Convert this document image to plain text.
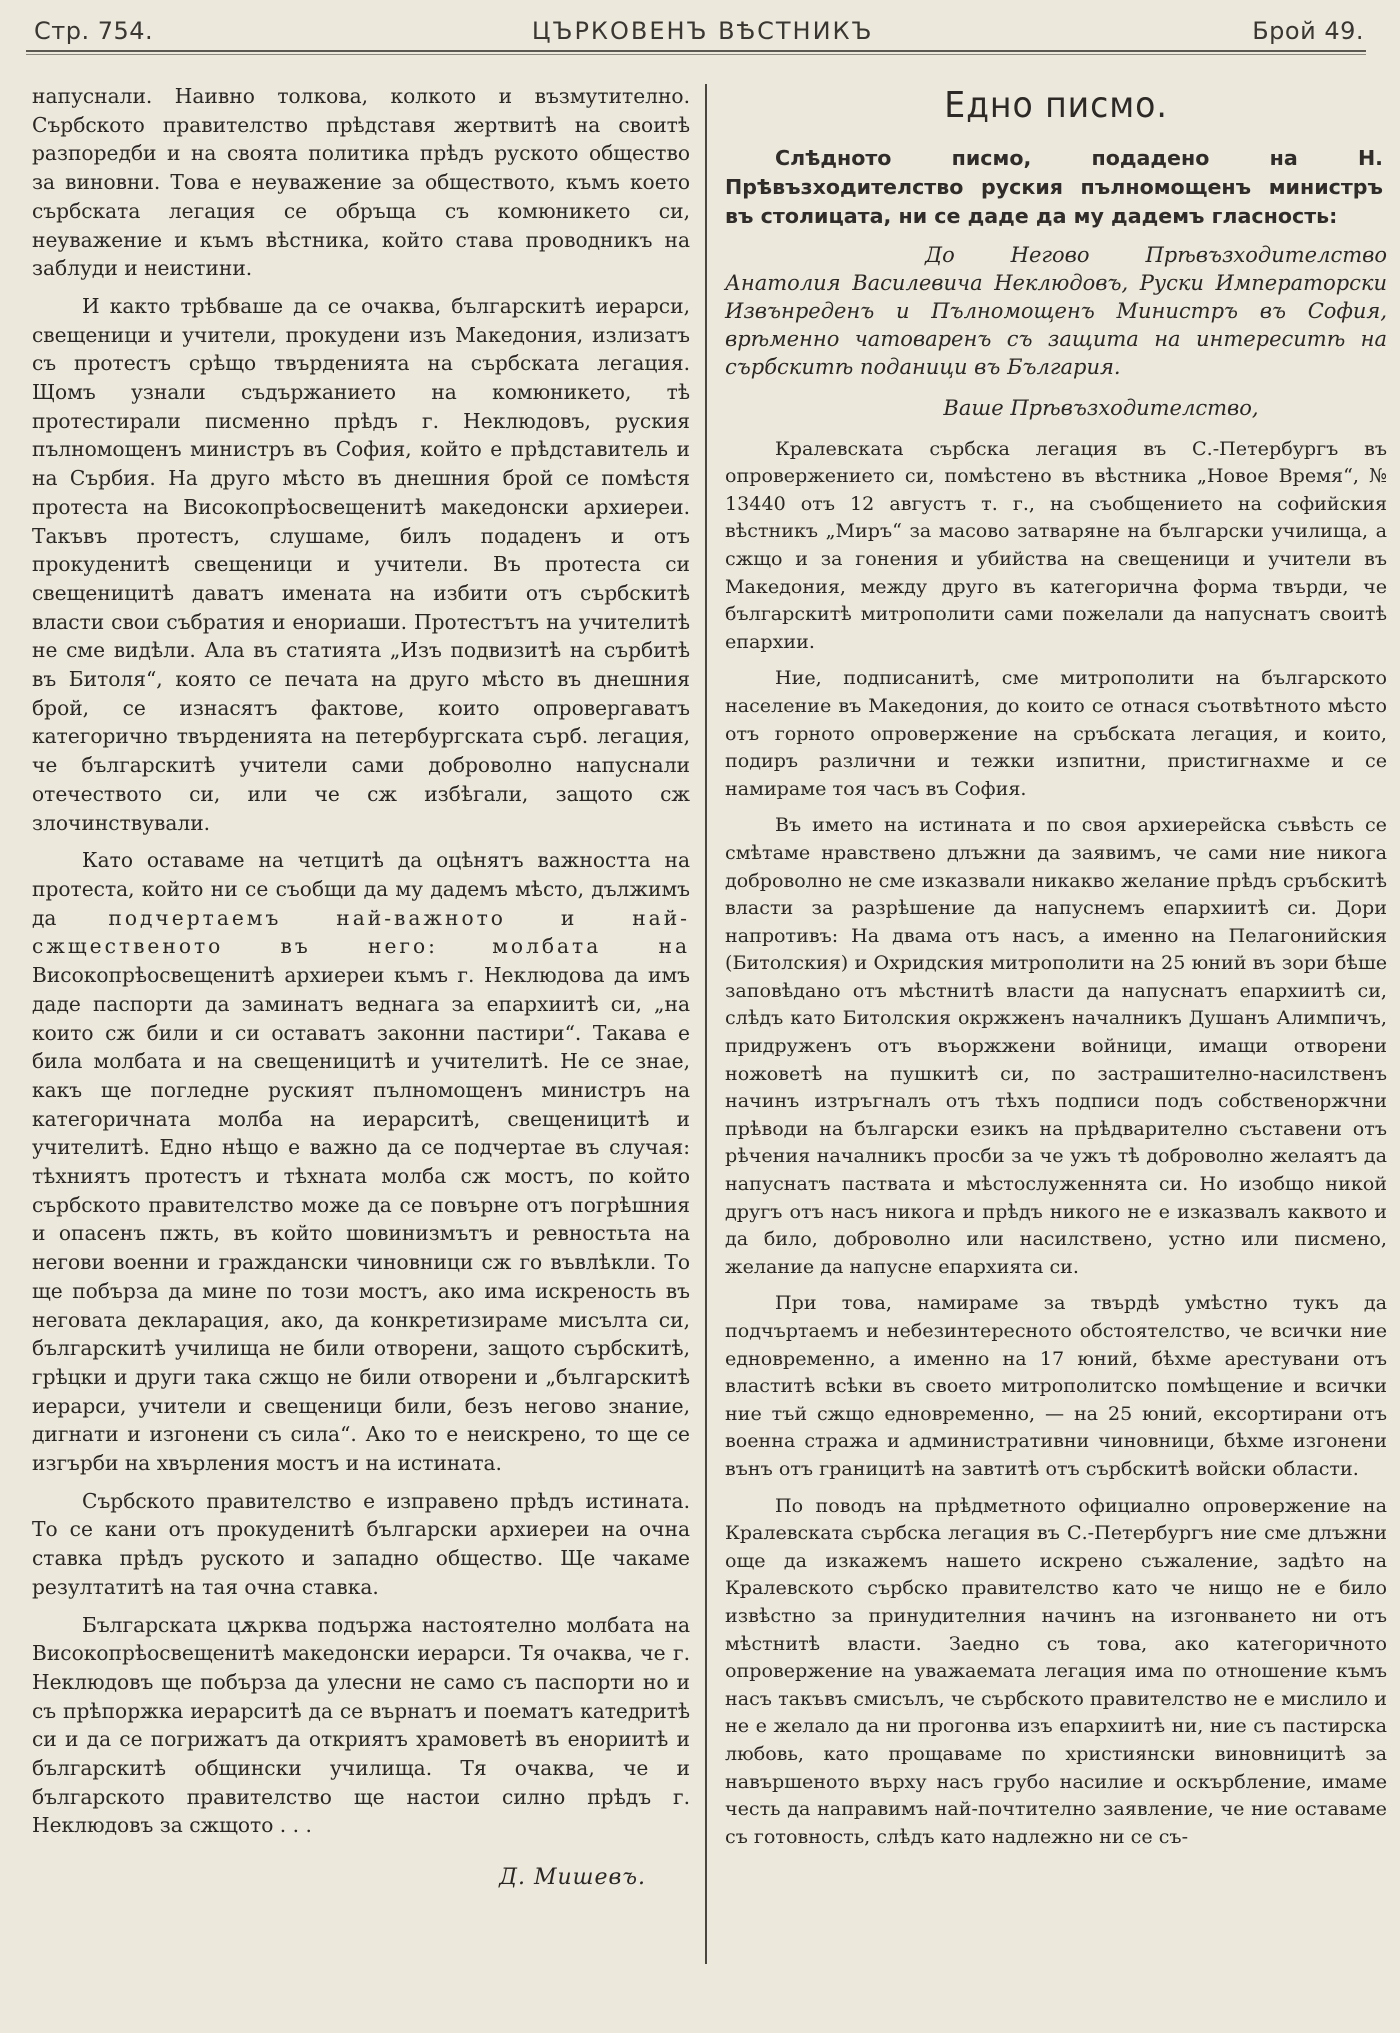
Стр. 754.	ЦЪРКОВЕНЪ ВѢСТНИКЪ	Брой 49.

напуснали. Наивно толкова, колкото и възмутително. Сърбското правителство прѣдставя жертвитѣ на своитѣ разпоредби и на своята политика прѣдъ руското общество за виновни. Това е неуважение за обществото, къмъ което сърбската легация се обръща съ комюникето си, неуважение и къмъ вѣстника, който става проводникъ на заблуди и неистини.

И както трѣбваше да се очаква, българскитѣ иерарси, свещеници и учители, прокудени изъ Македония, излизатъ съ протестъ срѣщо твърденията на сърбската легация. Щомъ узнали съдържанието на комюникето, тѣ протестирали писменно прѣдъ г. Неклюдовъ, руския пълномощенъ министръ въ София, който е прѣдставитель и на Сърбия. На друго мѣсто въ днешния брой се помѣстя протеста на Високопрѣосвещенитѣ македонски архиереи. Такъвъ протестъ, слушаме, билъ подаденъ и отъ прокуденитѣ свещеници и учители. Въ протеста си свещеницитѣ даватъ имената на избити отъ сърбскитѣ власти свои събратия и енориаши. Протестътъ на учителитѣ не сме видѣли. Ала въ статията „Изъ подвизитѣ на сърбитѣ въ Битоля“, която се печата на друго мѣсто въ днешния брой, се изнасятъ фактове, които опровергаватъ категорично твърденията на петербургската сърб. легация, че българскитѣ учители сами доброволно напуснали отечеството си, или че сж избѣгали, защото сж злочинствували.

Като оставаме на четцитѣ да оцѣнятъ важността на протеста, който ни се съобщи да му дадемъ мѣсто, дължимъ да	подчертаемъ най-важното и най-сжщественото въ него:	молбата на Високопрѣосвещенитѣ архиереи къмъ г. Неклюдова да имъ даде паспорти да заминатъ веднага за епархиитѣ си, „на които сж били и си оставатъ законни пастири“. Такава е била молбата и на свещеницитѣ и учителитѣ. Не се знае, какъ ще погледне руският пълномощенъ министръ на категоричната молба на иерарситѣ, свещеницитѣ и учителитѣ. Едно нѣщо е важно да се подчертае въ случая: тѣхниятъ протестъ и тѣхната молба сж мостъ, по който сърбското правителство може да се повърне отъ погрѣшния и опасенъ пжть, въ който шовинизмътъ и ревностьта на негови военни и граждански чиновници сж го въвлѣкли. То ще побърза да мине по този мостъ, ако има искреность въ неговата декларация, ако, да конкретизираме мисълта си, българскитѣ училища не били отворени, защото сърбскитѣ, грѣцки и други така сжщо не били отворени и „българскитѣ иерарси, учители и свещеници били, безъ негово знание, дигнати и изгонени съ сила“. Ако то е неискрено, то ще се изгърби на хвърления мостъ и на истината.

Сърбското правителство е изправено прѣдъ истината. То се кани отъ прокуденитѣ български архиереи на очна ставка прѣдъ руското и западно общество. Ще чакаме резултатитѣ на тая очна ставка.

Българската цѫрква подържа настоятелно молбата на Високопрѣосвещенитѣ македонски иерарси. Тя очаква, че г. Неклюдовъ ще побърза да улесни не само съ паспорти но и съ прѣпоржка иерарситѣ да се върнатъ и поематъ катедритѣ си и да се погрижатъ да откриятъ храмоветѣ въ енориитѣ и българскитѣ общински училища. Тя очаква, че и българското правителство ще настои силно прѣдъ г. Неклюдовъ за сжщото . . .

Д. Мишевъ.
Едно писмо.
Слѣдното писмо, подадено на Н. Прѣвъзходителство руския пълномощенъ министръ въ столицата, ни се даде да му дадемъ гласность:
До Негово Прѣвъзходителство Анатолия Василевича Неклюдовъ, Руски Императорски Извънреденъ и Пълномощенъ Министръ въ София, врѣменно чатоваренъ съ защита на интереситѣ на сърбскитѣ поданици въ България.
Ваше Прѣвъзходителство,

Кралевската сърбска легация въ С.-Петербургъ въ опровержението си, помѣстено въ вѣстника „Новое Время“, № 13440 отъ 12 августъ т. г., на съобщението на софийския вѣстникъ „Миръ“ за масово затваряне на български училища, а сжщо и за гонения и убийства на свещеници и учители въ Македония, между друго въ категорична форма твърди, че българскитѣ митрополити сами пожелали да напуснатъ своитѣ епархии.

Ние, подписанитѣ, сме митрополити на българското население въ Македония, до които се отнася съотвѣтното мѣсто отъ горното опровержение на сръбската легация, и които, подиръ различни и тежки изпитни, пристигнахме и се намираме тоя часъ въ София.

Въ името на истината и по своя архиерейска съвѣсть се смѣтаме нравствено длъжни да заявимъ, че сами ние никога доброволно не сме изказвали никакво желание прѣдъ сръбскитѣ власти за разрѣшение да напуснемъ епархиитѣ си. Дори напротивъ: На двама отъ насъ, а именно на Пелагонийския (Битолския) и Охридския митрополити на 25 юний въ зори бѣше заповѣдано отъ мѣстнитѣ власти да напуснатъ епархиитѣ си, слѣдъ като Битолския окржженъ началникъ Душанъ Алимпичъ, придруженъ отъ въоржжени войници, имащи отворени ножоветѣ на пушкитѣ си, по застрашително-насилственъ начинъ изтръгналъ отъ тѣхъ подписи подъ собственоржчни прѣводи на български езикъ на прѣдварително съставени отъ рѣчения началникъ просби за че ужъ тѣ доброволно желаятъ да напуснатъ паствата и мѣстослуженнята си. Но изобщо никой другъ отъ насъ никога и прѣдъ никого не е изказвалъ каквото и да било, доброволно или насилствено, устно или писмено, желание да напусне епархията си.

При това, намираме за твърдѣ умѣстно тукъ да подчъртаемъ и небезинтересното обстоятелство, че всички ние едновременно, а именно на 17 юний, бѣхме арестувани отъ властитѣ всѣки въ своето митрополитско помѣщение и всички ние тъй сжщо едновремeнно, — на 25 юний, ексортирани отъ военна стража и административни чиновници, бѣхме изгонени вънъ отъ границитѣ на завтитѣ отъ сърбскитѣ войски области.

По поводъ на прѣдметното официално опровержение на Кралевската сърбска легация въ С.-Петербургъ ние сме длъжни още да изкажемъ нашето искрено съжаление, задѣто на Кралевското сърбско правителство като че нищо не е било извѣстно за принудителния начинъ на изгонването ни отъ мѣстнитѣ власти. Заедно съ това, ако категоричното опровержение на уважаемата легация има по отношение къмъ насъ такъвъ смисълъ, че сърбското правителство не е мислило и не е желало да ни прогонва изъ епархиитѣ ни, ние съ пастирска любовь, като прощаваме по християнски виновницитѣ за навършеното върху насъ грубо насилие и оскърбление, имаме честь да направимъ най-почтително заявление, че ние оставаме съ готовность, слѣдъ като надлежно ни се съ-
